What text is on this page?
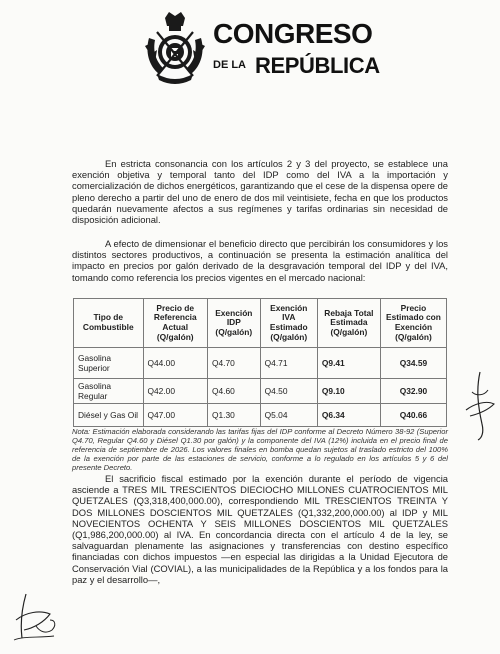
CONGRESO
DE LA REPÚBLICA

En estricta consonancia con los artículos 2 y 3 del proyecto, se establece una exención objetiva y temporal tanto del IDP como del IVA a la importación y comercialización de dichos energéticos, garantizando que el cese de la dispensa opere de pleno derecho a partir del uno de enero de dos mil veintisiete, fecha en que los productos quedarán nuevamente afectos a sus regímenes y tarifas ordinarias sin necesidad de disposición adicional.

A efecto de dimensionar el beneficio directo que percibirán los consumidores y los distintos sectores productivos, a continuación se presenta la estimación analítica del impacto en precios por galón derivado de la desgravación temporal del IDP y del IVA, tomando como referencia los precios vigentes en el mercado nacional:

Tipo de Combustible	Precio de Referencia Actual (Q/galón)	Exención IDP (Q/galón)	Exención IVA Estimado (Q/galón)	Rebaja Total Estimada (Q/galón)	Precio Estimado con Exención (Q/galón)
Gasolina Superior	Q44.00	Q4.70	Q4.71	Q9.41	Q34.59
Gasolina Regular	Q42.00	Q4.60	Q4.50	Q9.10	Q32.90
Diésel y Gas Oil	Q47.00	Q1.30	Q5.04	Q6.34	Q40.66
Nota: Estimación elaborada considerando las tarifas fijas del IDP conforme al Decreto Número 38-92 (Superior Q4.70, Regular Q4.60 y Diésel Q1.30 por galón) y la componente del IVA (12%) incluida en el precio final de referencia de septiembre de 2026. Los valores finales en bomba quedan sujetos al traslado estricto del 100% de la exención por parte de las estaciones de servicio, conforme a lo regulado en los artículos 5 y 6 del presente Decreto.

El sacrificio fiscal estimado por la exención durante el período de vigencia asciende a TRES MIL TRESCIENTOS DIECIOCHO MILLONES CUATROCIENTOS MIL QUETZALES (Q3,318,400,000.00), correspondiendo MIL TRESCIENTOS TREINTA Y DOS MILLONES DOSCIENTOS MIL QUETZALES (Q1,332,200,000.00) al IDP y MIL NOVECIENTOS OCHENTA Y SEIS MILLONES DOSCIENTOS MIL QUETZALES (Q1,986,200,000.00) al IVA. En concordancia directa con el artículo 4 de la ley, se salvaguardan plenamente las asignaciones y transferencias con destino específico financiadas con dichos impuestos —en especial las dirigidas a la Unidad Ejecutora de Conservación Vial (COVIAL), a las municipalidades de la República y a los fondos para la paz y el desarrollo—,
